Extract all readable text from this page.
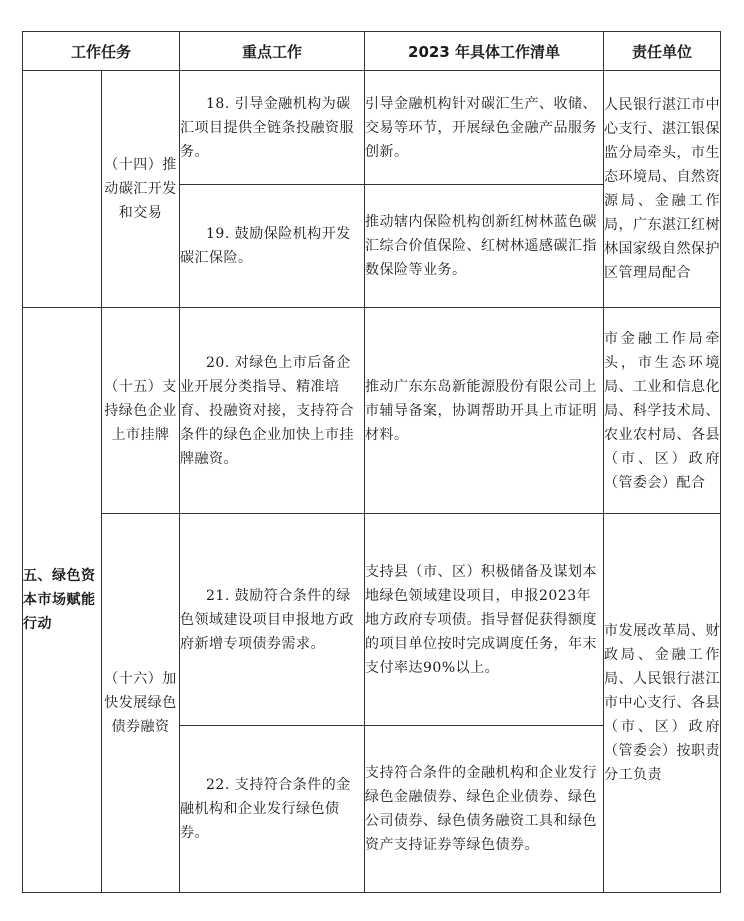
工作任务		重点工作	2023 年具体工作清单	责任单位
	（十四）推动碳汇开发和交易	18. 引导金融机构为碳汇项目提供全链条投融资服务。	引导金融机构针对碳汇生产、收储、交易等环节，开展绿色金融产品服务创新。	人民银行湛江市中心支行、湛江银保监分局牵头，市生态环境局、自然资源局、金融工作局，广东湛江红树林国家级自然保护区管理局配合
		19. 鼓励保险机构开发碳汇保险。	推动辖内保险机构创新红树林蓝色碳汇综合价值保险、红树林遥感碳汇指数保险等业务。	
五、绿色资本市场赋能行动	（十五）支持绿色企业上市挂牌	20. 对绿色上市后备企业开展分类指导、精准培育、投融资对接，支持符合条件的绿色企业加快上市挂牌融资。	推动广东东岛新能源股份有限公司上市辅导备案，协调帮助开具上市证明材料。	市金融工作局牵头，市生态环境局、工业和信息化局、科学技术局、农业农村局、各县（市、区）政府（管委会）配合
	（十六）加快发展绿色债券融资	21. 鼓励符合条件的绿色领域建设项目申报地方政府新增专项债券需求。	支持县（市、区）积极储备及谋划本地绿色领域建设项目，申报2023年地方政府专项债。指导督促获得额度的项目单位按时完成调度任务，年末支付率达90%以上。	市发展改革局、财政局、金融工作局、人民银行湛江市中心支行、各县（市、区）政府（管委会）按职责分工负责
		22. 支持符合条件的金融机构和企业发行绿色债券。	支持符合条件的金融机构和企业发行绿色金融债券、绿色企业债券、绿色公司债券、绿色债务融资工具和绿色资产支持证券等绿色债券。	
